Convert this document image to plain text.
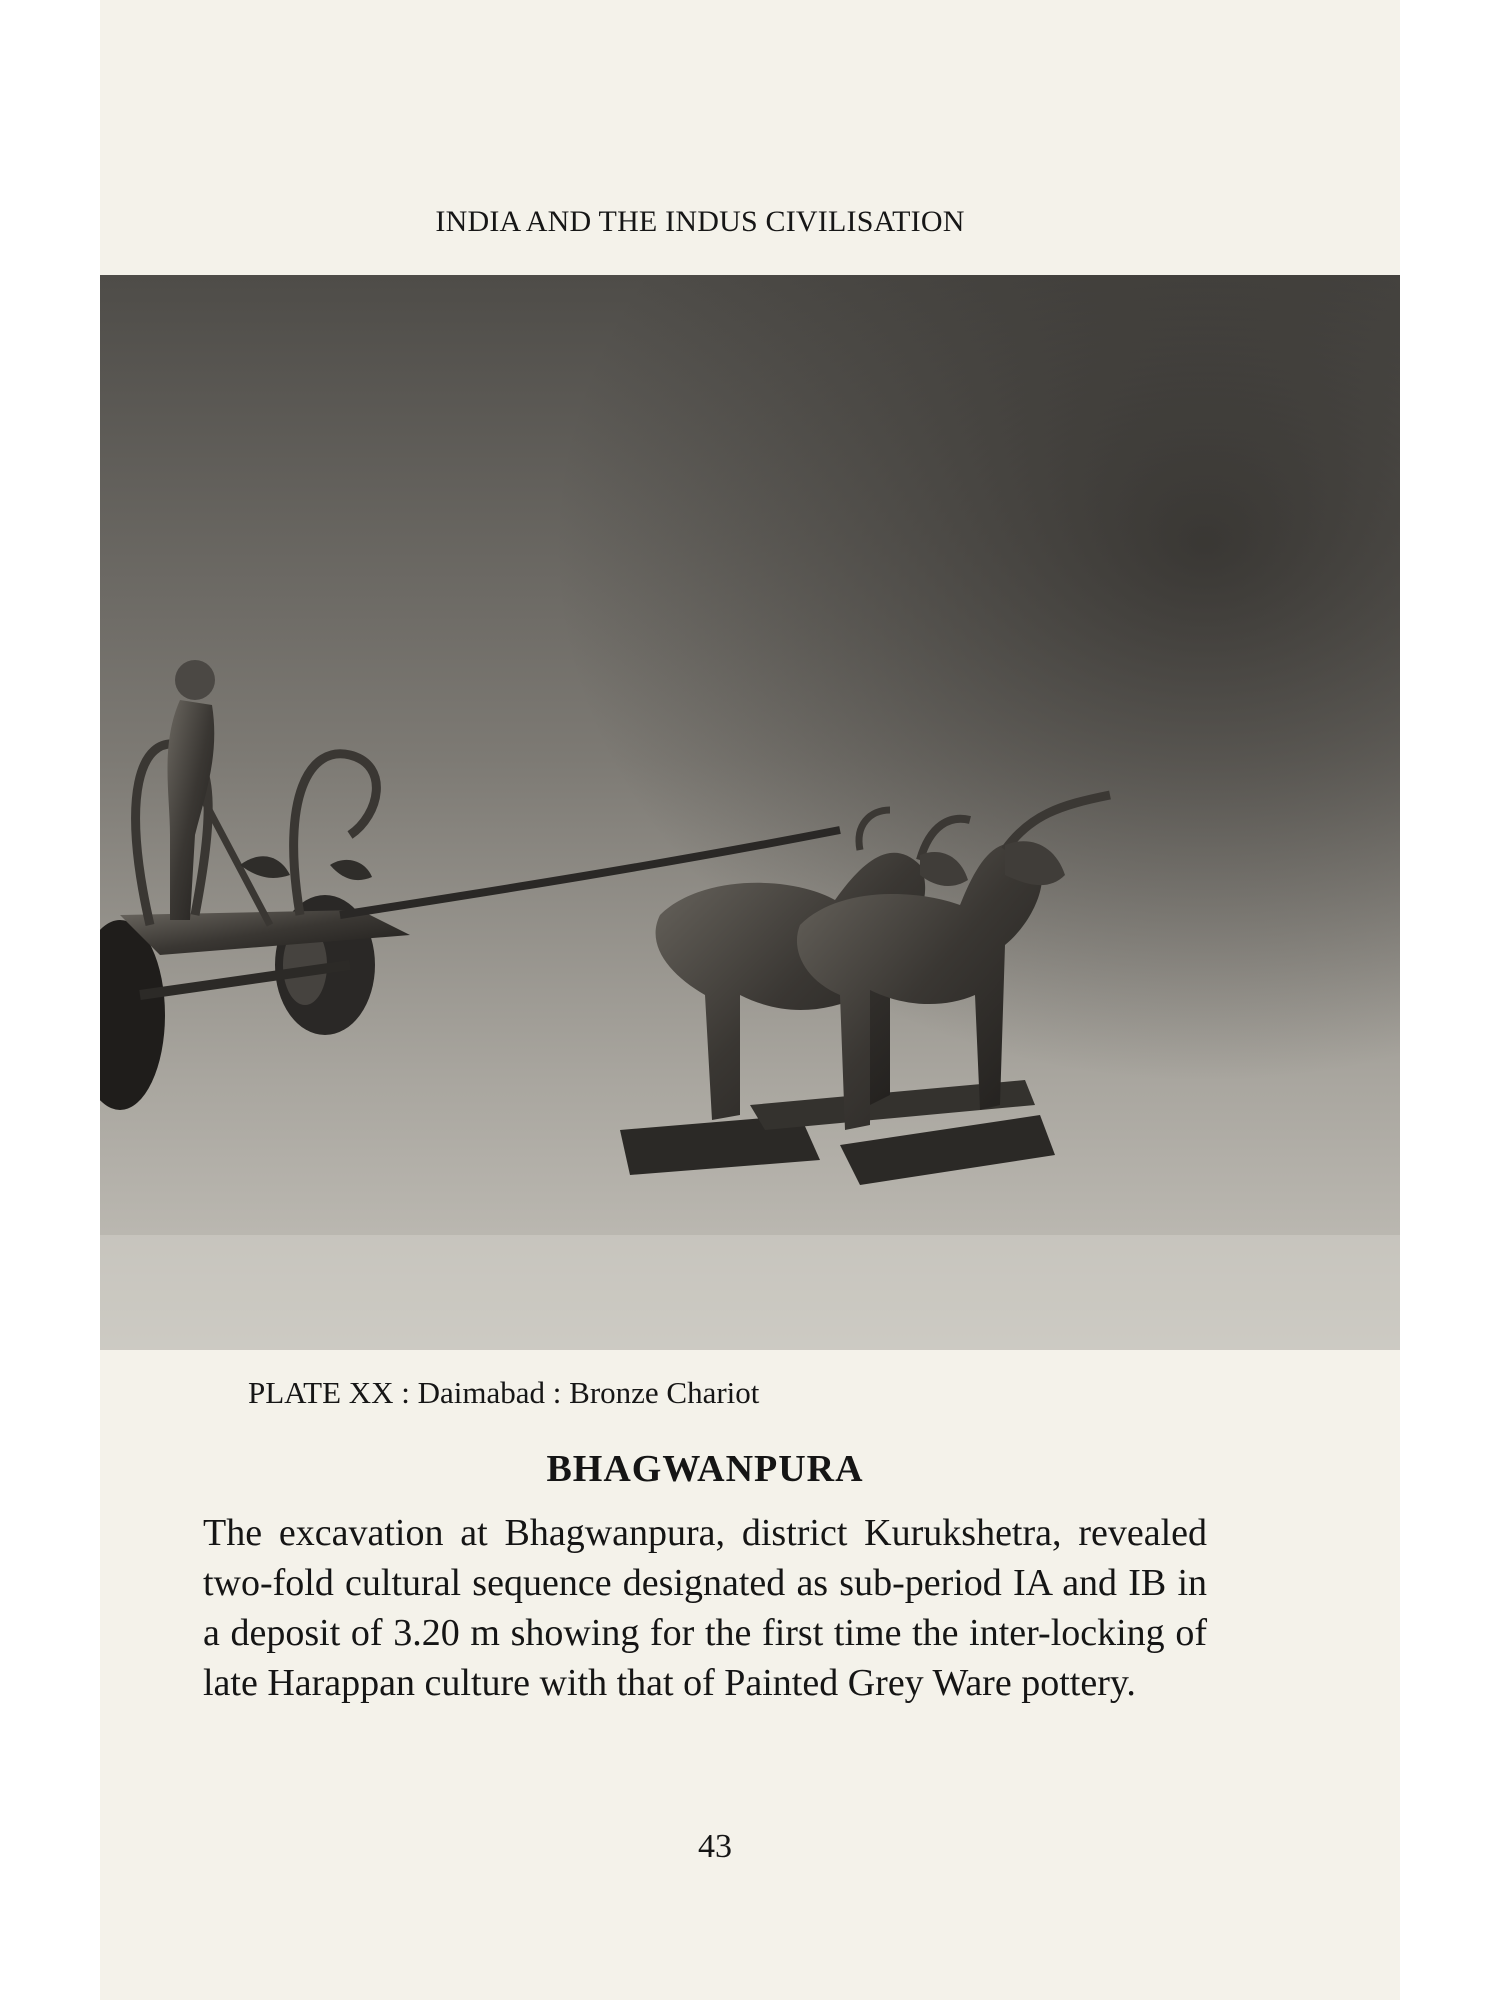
INDIA AND THE INDUS CIVILISATION
PLATE XX : Daimabad : Bronze Chariot
BHAGWANPURA
The excavation at Bhagwanpura, district Kurukshetra, revealed two-fold cultural sequence designated as sub-period IA and IB in a deposit of 3.20 m showing for the first time the inter-locking of late Harappan culture with that of Painted Grey Ware pottery.
43
